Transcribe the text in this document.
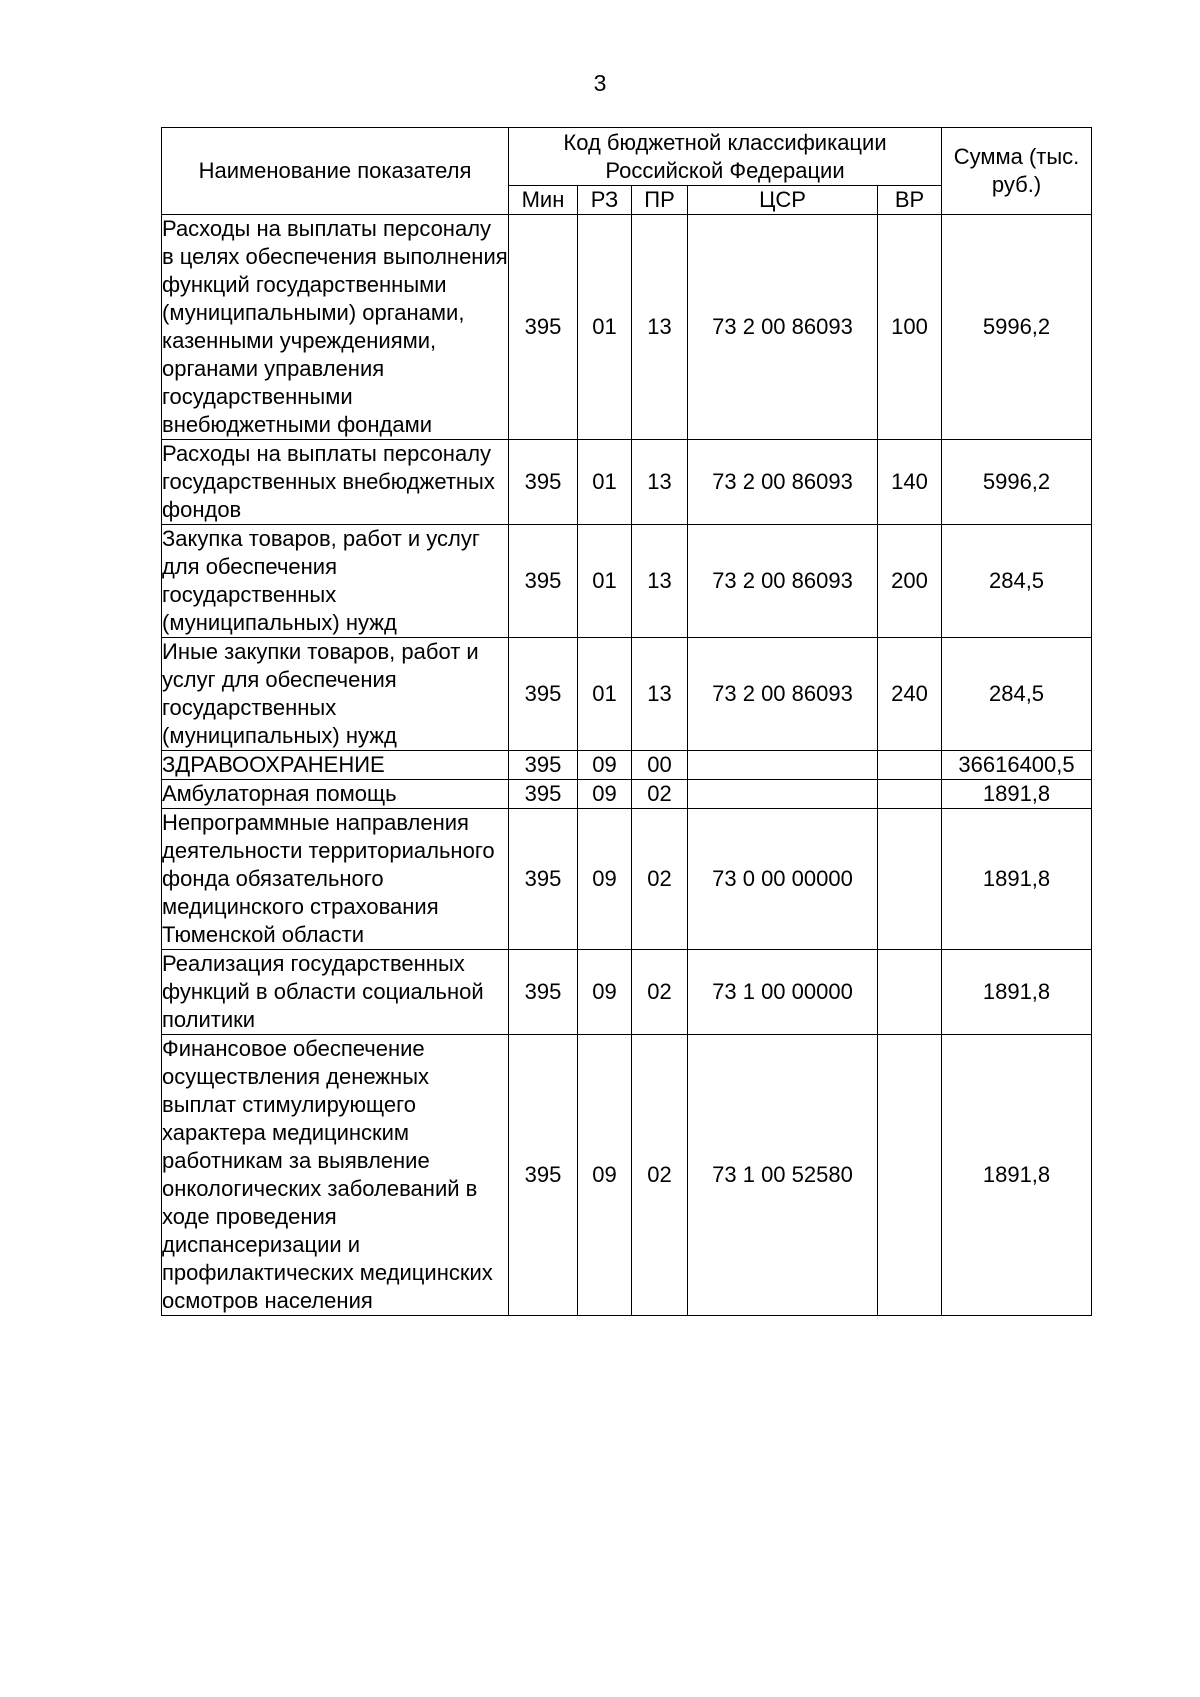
3
Наименование показателя	Код бюджетной классификации Российской Федерации					Сумма (тыс. руб.)
	Мин	РЗ	ПР	ЦСР	ВР	
Расходы на выплаты персоналу в целях обеспечения выполнения функций государственными (муниципальными) органами, казенными учреждениями, органами управления государственными внебюджетными фондами	395	01	13	73 2 00 86093	100	5996,2
Расходы на выплаты персоналу государственных внебюджетных фондов	395	01	13	73 2 00 86093	140	5996,2
Закупка товаров, работ и услуг для обеспечения государственных (муниципальных) нужд	395	01	13	73 2 00 86093	200	284,5
Иные закупки товаров, работ и услуг для обеспечения государственных (муниципальных) нужд	395	01	13	73 2 00 86093	240	284,5
ЗДРАВООХРАНЕНИЕ	395	09	00			36616400,5
Амбулаторная помощь	395	09	02			1891,8
Непрограммные направления деятельности территориального фонда обязательного медицинского страхования Тюменской области	395	09	02	73 0 00 00000		1891,8
Реализация государственных функций в области социальной политики	395	09	02	73 1 00 00000		1891,8
Финансовое обеспечение осуществления денежных выплат стимулирующего характера медицинским работникам за выявление онкологических заболеваний в ходе проведения диспансеризации и профилактических медицинских осмотров населения	395	09	02	73 1 00 52580		1891,8
